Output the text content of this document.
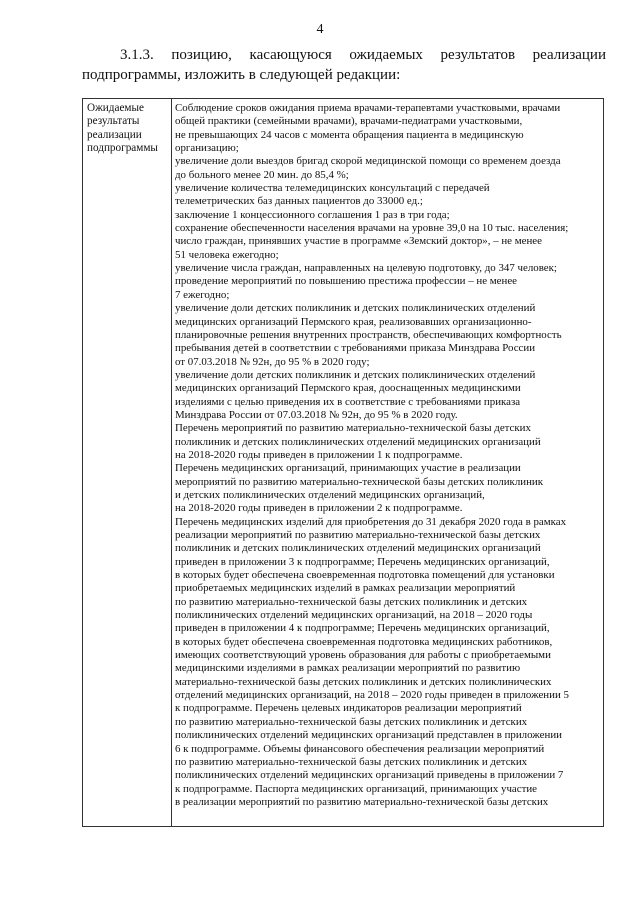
4
3.1.3. позицию, касающуюся ожидаемых результатов реализации
подпрограммы, изложить в следующей редакции:
Ожидаемые
результаты
реализации
подпрограммы

Соблюдение сроков ожидания приема врачами-терапевтами участковыми, врачами
общей практики (семейными врачами), врачами-педиатрами участковыми,
не превышающих 24 часов с момента обращения пациента в медицинскую
организацию;

увеличение доли выездов бригад скорой медицинской помощи со временем доезда
до больного менее 20 мин. до 85,4 %;

увеличение количества телемедицинских консультаций с передачей
телеметрических баз данных пациентов до 33000 ед.;

заключение 1 концессионного соглашения 1 раз в три года;

сохранение обеспеченности населения врачами на уровне 39,0 на 10 тыс. населения;

число граждан, принявших участие в программе «Земский доктор», – не менее
51 человека ежегодно;

увеличение числа граждан, направленных на целевую подготовку, до 347 человек;

проведение мероприятий по повышению престижа профессии – не менее
7 ежегодно;

увеличение доли детских поликлиник и детских поликлинических отделений
медицинских организаций Пермского края, реализовавших организационно-
планировочные решения внутренних пространств, обеспечивающих комфортность
пребывания детей в соответствии с требованиями приказа Минздрава России
от 07.03.2018 № 92н, до 95 % в 2020 году;

увеличение доли детских поликлиник и детских поликлинических отделений
медицинских организаций Пермского края, дооснащенных медицинскими
изделиями с целью приведения их в соответствие с требованиями приказа
Минздрава России от 07.03.2018 № 92н, до 95 % в 2020 году.

Перечень мероприятий по развитию материально-технической базы детских
поликлиник и детских поликлинических отделений медицинских организаций
на 2018-2020 годы приведен в приложении 1 к подпрограмме.

Перечень медицинских организаций, принимающих участие в реализации
мероприятий по развитию материально-технической базы детских поликлиник
и детских поликлинических отделений медицинских организаций,
на 2018-2020 годы приведен в приложении 2 к подпрограмме.

Перечень медицинских изделий для приобретения до 31 декабря 2020 года в рамках
реализации мероприятий по развитию материально-технической базы детских
поликлиник и детских поликлинических отделений медицинских организаций
приведен в приложении 3 к подпрограмме; Перечень медицинских организаций,
в которых будет обеспечена своевременная подготовка помещений для установки
приобретаемых медицинских изделий в рамках реализации мероприятий
по развитию материально-технической базы детских поликлиник и детских
поликлинических отделений медицинских организаций, на 2018 – 2020 годы
приведен в приложении 4 к подпрограмме; Перечень медицинских организаций,
в которых будет обеспечена своевременная подготовка медицинских работников,
имеющих соответствующий уровень образования для работы с приобретаемыми
медицинскими изделиями в рамках реализации мероприятий по развитию
материально-технической базы детских поликлиник и детских поликлинических
отделений медицинских организаций, на 2018 – 2020 годы приведен в приложении 5
к подпрограмме. Перечень целевых индикаторов реализации мероприятий
по развитию материально-технической базы детских поликлиник и детских
поликлинических отделений медицинских организаций представлен в приложении
6 к подпрограмме. Объемы финансового обеспечения реализации мероприятий
по развитию материально-технической базы детских поликлиник и детских
поликлинических отделений медицинских организаций приведены в приложении 7
к подпрограмме. Паспорта медицинских организаций, принимающих участие
в реализации мероприятий по развитию материально-технической базы детских
